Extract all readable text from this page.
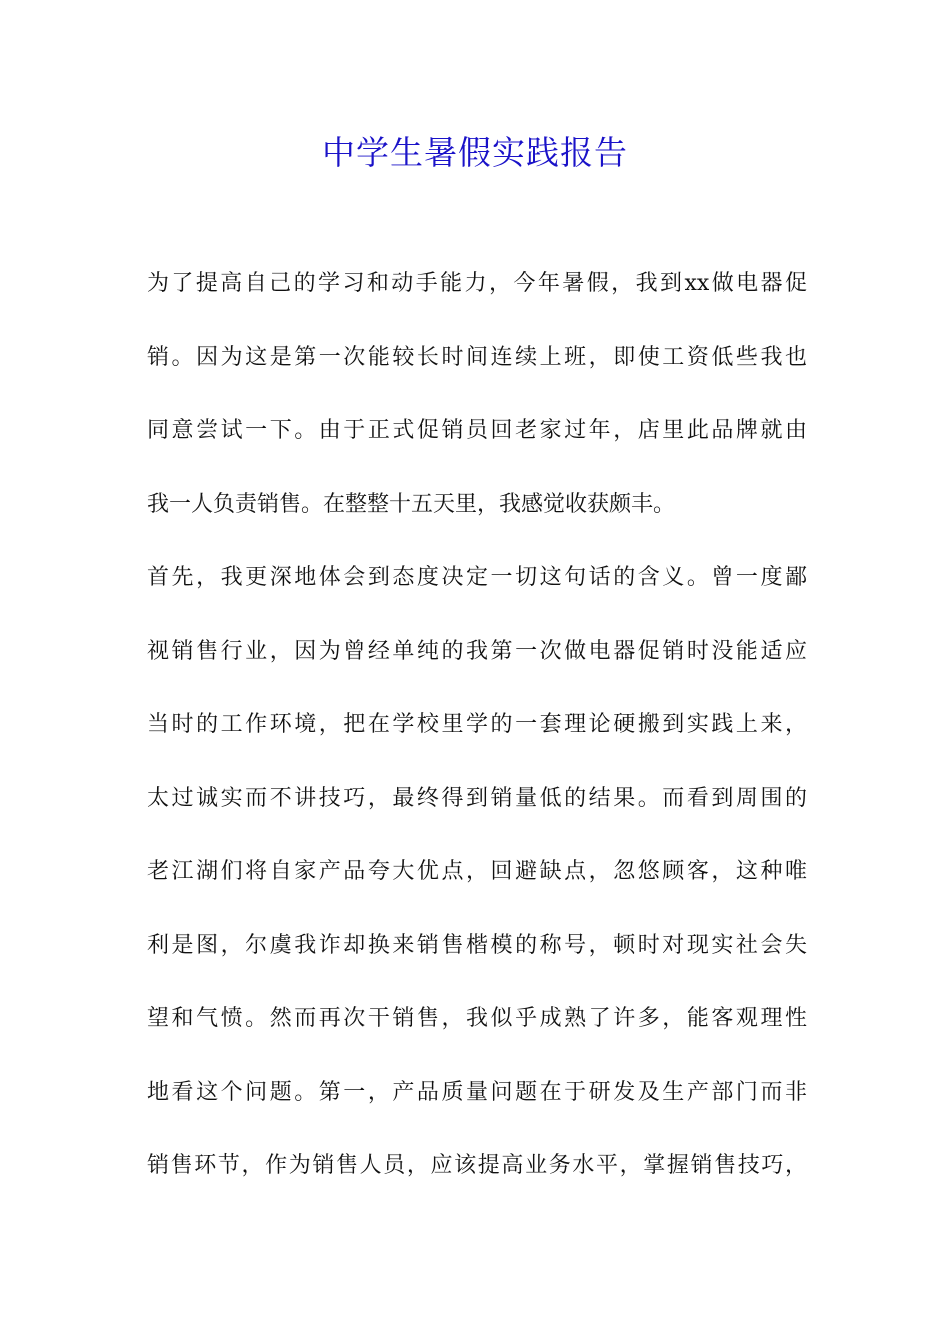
中学生暑假实践报告
为了提高自己的学习和动手能力，今年暑假，我到xx做电器促
销。因为这是第一次能较长时间连续上班，即使工资低些我也
同意尝试一下。由于正式促销员回老家过年，店里此品牌就由
我一人负责销售。在整整十五天里，我感觉收获颇丰。
首先，我更深地体会到态度决定一切这句话的含义。曾一度鄙
视销售行业，因为曾经单纯的我第一次做电器促销时没能适应
当时的工作环境，把在学校里学的一套理论硬搬到实践上来，
太过诚实而不讲技巧，最终得到销量低的结果。而看到周围的
老江湖们将自家产品夸大优点，回避缺点，忽悠顾客，这种唯
利是图，尔虞我诈却换来销售楷模的称号，顿时对现实社会失
望和气愤。然而再次干销售，我似乎成熟了许多，能客观理性
地看这个问题。第一，产品质量问题在于研发及生产部门而非
销售环节，作为销售人员，应该提高业务水平，掌握销售技巧，
